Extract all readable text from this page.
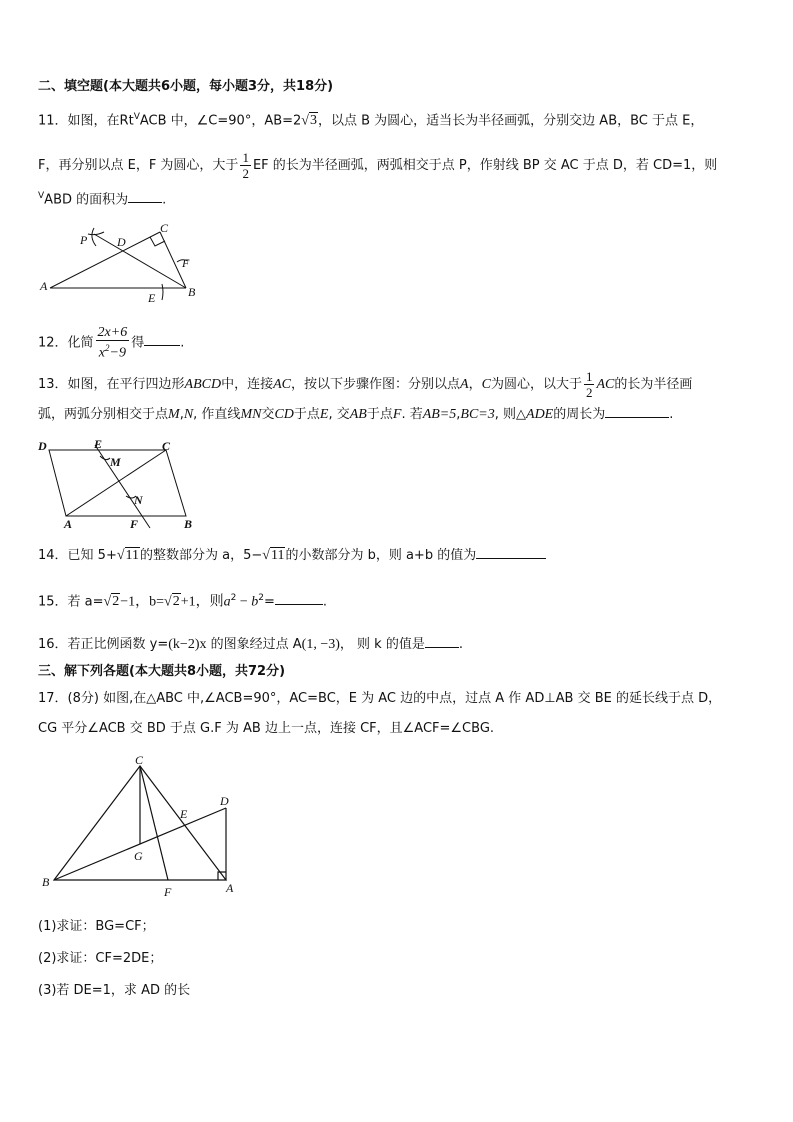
二、填空题(本大题共6小题，每小题3分，共18分)
11．如图，在$Rt^VACB$ 中，∠C=90°，AB=2√3，以点 B 为圆心，适当长为半径画弧，分别交边 AB，BC 于点 E，
F，再分别以点 E，F 为圆心，大于 $\frac{1}{2}$ EF 的长为半径画弧，两弧相交于点 P，作射线 BP 交 AC 于点 D，若 CD=1，则
$^V$ABD 的面积为	.
P D
C
F
A
E	B
12．化简 $\frac{2x+6}{x^2-9}$ 得	.
13．如图，在平行四边形ABCD中，连接AC，按以下步骤作图：分别以点A，C为圆心，以大于 $\frac{1}{2}$ AC的长为半径画
弧，两弧分别相交于点M,N, 作直线MN交CD于点E, 交AB于点F. 若AB=5,BC=3, 则△ADE的周长为	.
D	E	C
M
N
A	F	B
14．已知 5+√11的整数部分为 a，5−√11的小数部分为 b，则 a+b 的值为
15．若 a=√2−1，b=√2+1，则$a^2 - b^2=$	.
16．若正比例函数 y=(k−2)x 的图象经过点 A(1, −3)， 则 k 的值是	.
三、解下列各题(本大题共8小题，共72分)
17．(8分) 如图,在△ABC 中,∠ACB=90°，AC=BC，E 为 AC 边的中点，过点 A 作 AD⊥AB 交 BE 的延长线于点 D，
CG 平分∠ACB 交 BD 于点 G.F 为 AB 边上一点，连接 CF，且∠ACF=∠CBG.
C
D
E
G
B
F	A
(1)求证：BG=CF；
(2)求证：CF=2DE；
(3)若 DE=1，求 AD 的长
